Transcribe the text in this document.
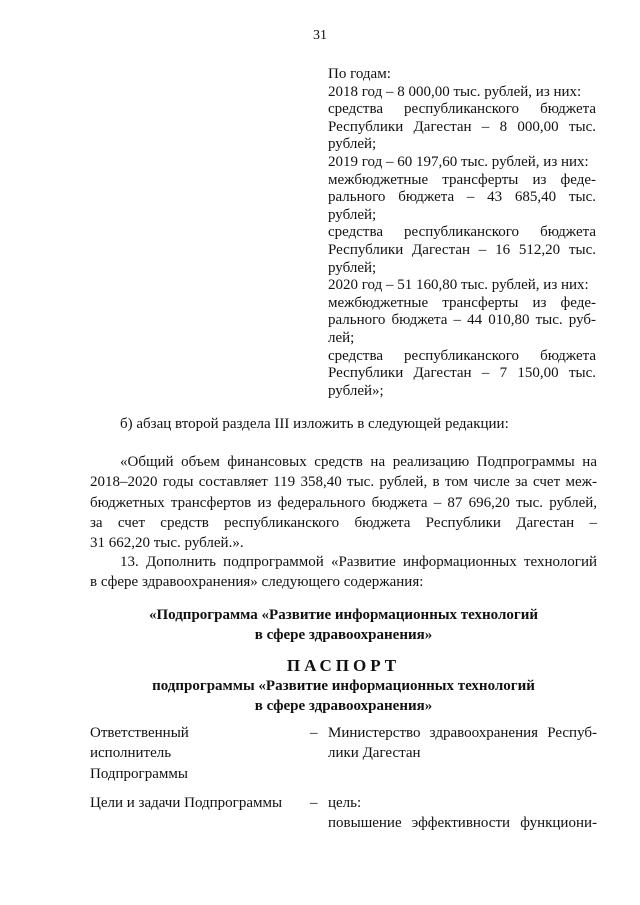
31
По годам:
2018 год – 8 000,00 тыс. рублей, из них:
средства республиканского бюджета
Республики Дагестан – 8 000,00 тыс.
рублей;
2019 год – 60 197,60 тыс. рублей, из них:
межбюджетные трансферты из феде-
рального бюджета – 43 685,40 тыс.
рублей;
средства республиканского бюджета
Республики Дагестан – 16 512,20 тыс.
рублей;
2020 год – 51 160,80 тыс. рублей, из них:
межбюджетные трансферты из феде-
рального бюджета – 44 010,80 тыс. руб-
лей;
средства республиканского бюджета
Республики Дагестан – 7 150,00 тыс.
рублей»;
б) абзац второй раздела III изложить в следующей редакции:
«Общий объем финансовых средств на реализацию Подпрограммы на
2018–2020 годы составляет 119 358,40 тыс. рублей, в том числе за счет меж-
бюджетных трансфертов из федерального бюджета – 87 696,20 тыс. рублей,
за счет средств республиканского бюджета Республики Дагестан –
31 662,20 тыс. рублей.».
13. Дополнить подпрограммой «Развитие информационных технологий
в сфере здравоохранения» следующего содержания:
«Подпрограмма «Развитие информационных технологий
в сфере здравоохранения»
ПАСПОРТ
подпрограммы «Развитие информационных технологий
в сфере здравоохранения»
Ответственный
исполнитель
Подпрограммы
– Министерство здравоохранения Респуб-
лики Дагестан
Цели и задачи Подпрограммы	– цель:
повышение эффективности функциони-
